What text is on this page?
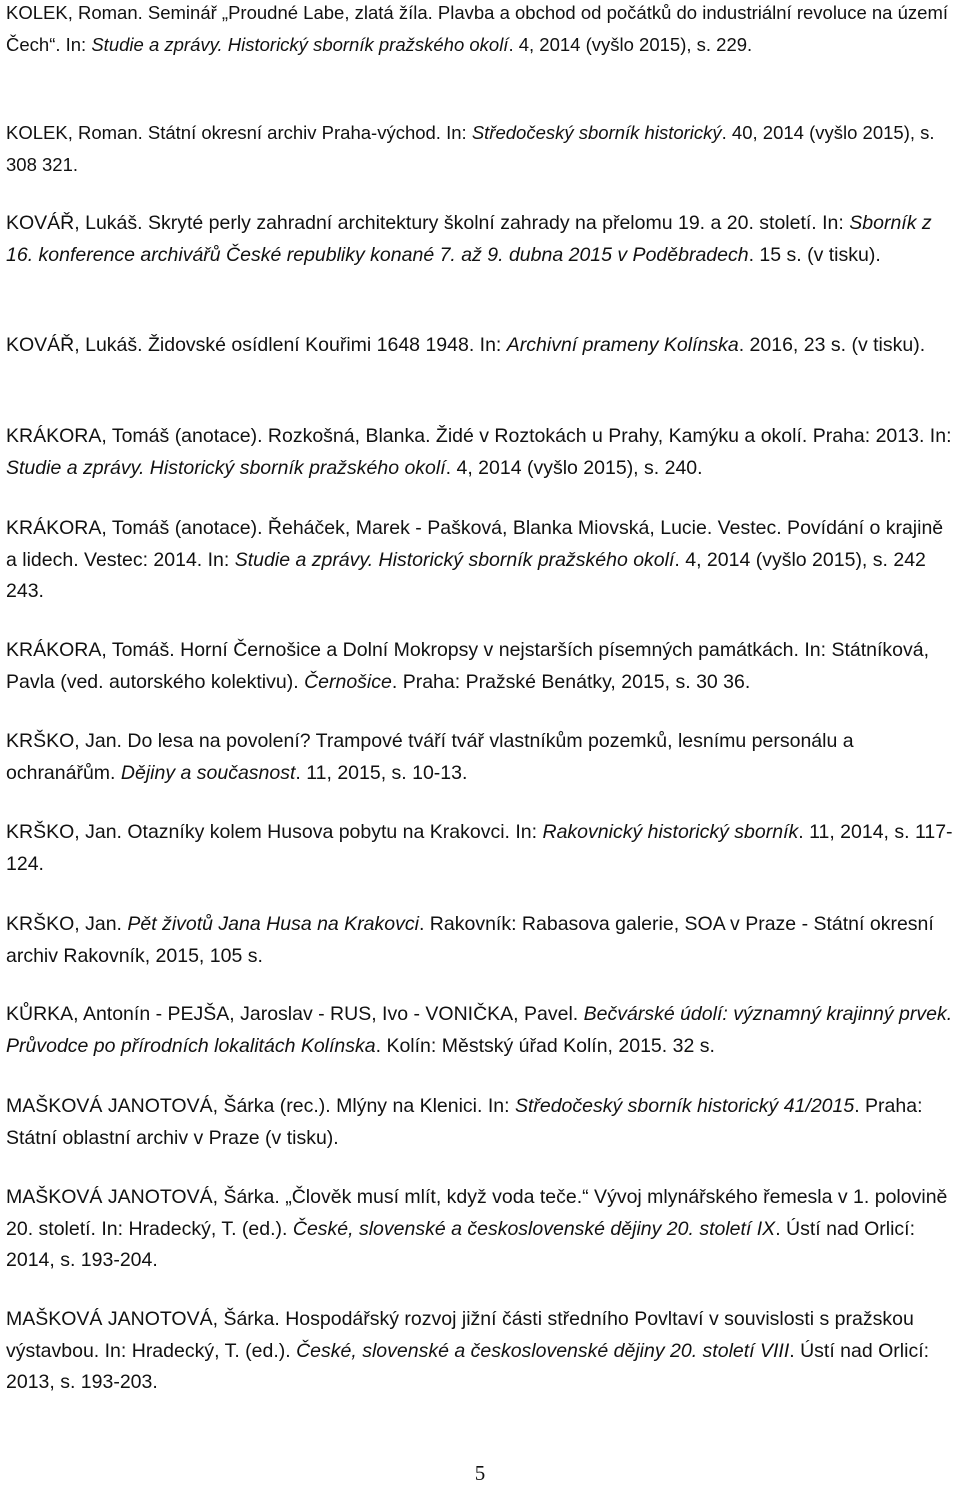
KOLEK, Roman. Seminář „Proudné Labe, zlatá žíla. Plavba a obchod od počátků do industriální revoluce na území Čech“. In: Studie a zprávy. Historický sborník pražského okolí. 4, 2014 (vyšlo 2015), s. 229.

KOLEK, Roman. Státní okresní archiv Praha-východ. In: Středočeský sborník historický. 40, 2014 (vyšlo 2015), s. 308 321.

KOVÁŘ, Lukáš. Skryté perly zahradní architektury školní zahrady na přelomu 19. a 20. století. In: Sborník z 16. konference archivářů České republiky konané 7. až 9. dubna 2015 v Poděbradech. 15 s. (v tisku).

KOVÁŘ, Lukáš. Židovské osídlení Kouřimi 1648 1948. In: Archivní prameny Kolínska. 2016, 23 s. (v tisku).

KRÁKORA, Tomáš (anotace). Rozkošná, Blanka. Židé v Roztokách u Prahy, Kamýku a okolí. Praha: 2013. In: Studie a zprávy. Historický sborník pražského okolí. 4, 2014 (vyšlo 2015), s. 240.

KRÁKORA, Tomáš (anotace). Řeháček, Marek - Pašková, Blanka Miovská, Lucie. Vestec. Povídání o krajině a lidech. Vestec: 2014. In: Studie a zprávy. Historický sborník pražského okolí. 4, 2014 (vyšlo 2015), s. 242 243.

KRÁKORA, Tomáš. Horní Černošice a Dolní Mokropsy v nejstarších písemných památkách. In: Státníková, Pavla (ved. autorského kolektivu). Černošice. Praha: Pražské Benátky, 2015, s. 30 36.

KRŠKO, Jan. Do lesa na povolení? Trampové tváří tvář vlastníkům pozemků, lesnímu personálu a ochranářům. Dějiny a současnost. 11, 2015, s. 10-13.

KRŠKO, Jan. Otazníky kolem Husova pobytu na Krakovci. In: Rakovnický historický sborník. 11, 2014, s. 117-124.

KRŠKO, Jan. Pět životů Jana Husa na Krakovci. Rakovník: Rabasova galerie, SOA v Praze - Státní okresní archiv Rakovník, 2015, 105 s.

KŮRKA, Antonín - PEJŠA, Jaroslav - RUS, Ivo - VONIČKA, Pavel. Bečvárské údolí: významný krajinný prvek. Průvodce po přírodních lokalitách Kolínska. Kolín: Městský úřad Kolín, 2015. 32 s.

MAŠKOVÁ JANOTOVÁ, Šárka (rec.). Mlýny na Klenici. In: Středočeský sborník historický 41/2015. Praha: Státní oblastní archiv v Praze (v tisku).

MAŠKOVÁ JANOTOVÁ, Šárka. „Člověk musí mlít, když voda teče.“ Vývoj mlynářského řemesla v 1. polovině 20. století. In: Hradecký, T. (ed.). České, slovenské a československé dějiny 20. století IX. Ústí nad Orlicí: 2014, s. 193-204.

MAŠKOVÁ JANOTOVÁ, Šárka. Hospodářský rozvoj jižní části středního Povltaví v souvislosti s pražskou výstavbou. In: Hradecký, T. (ed.). České, slovenské a československé dějiny 20. století VIII. Ústí nad Orlicí: 2013, s. 193-203.

5
